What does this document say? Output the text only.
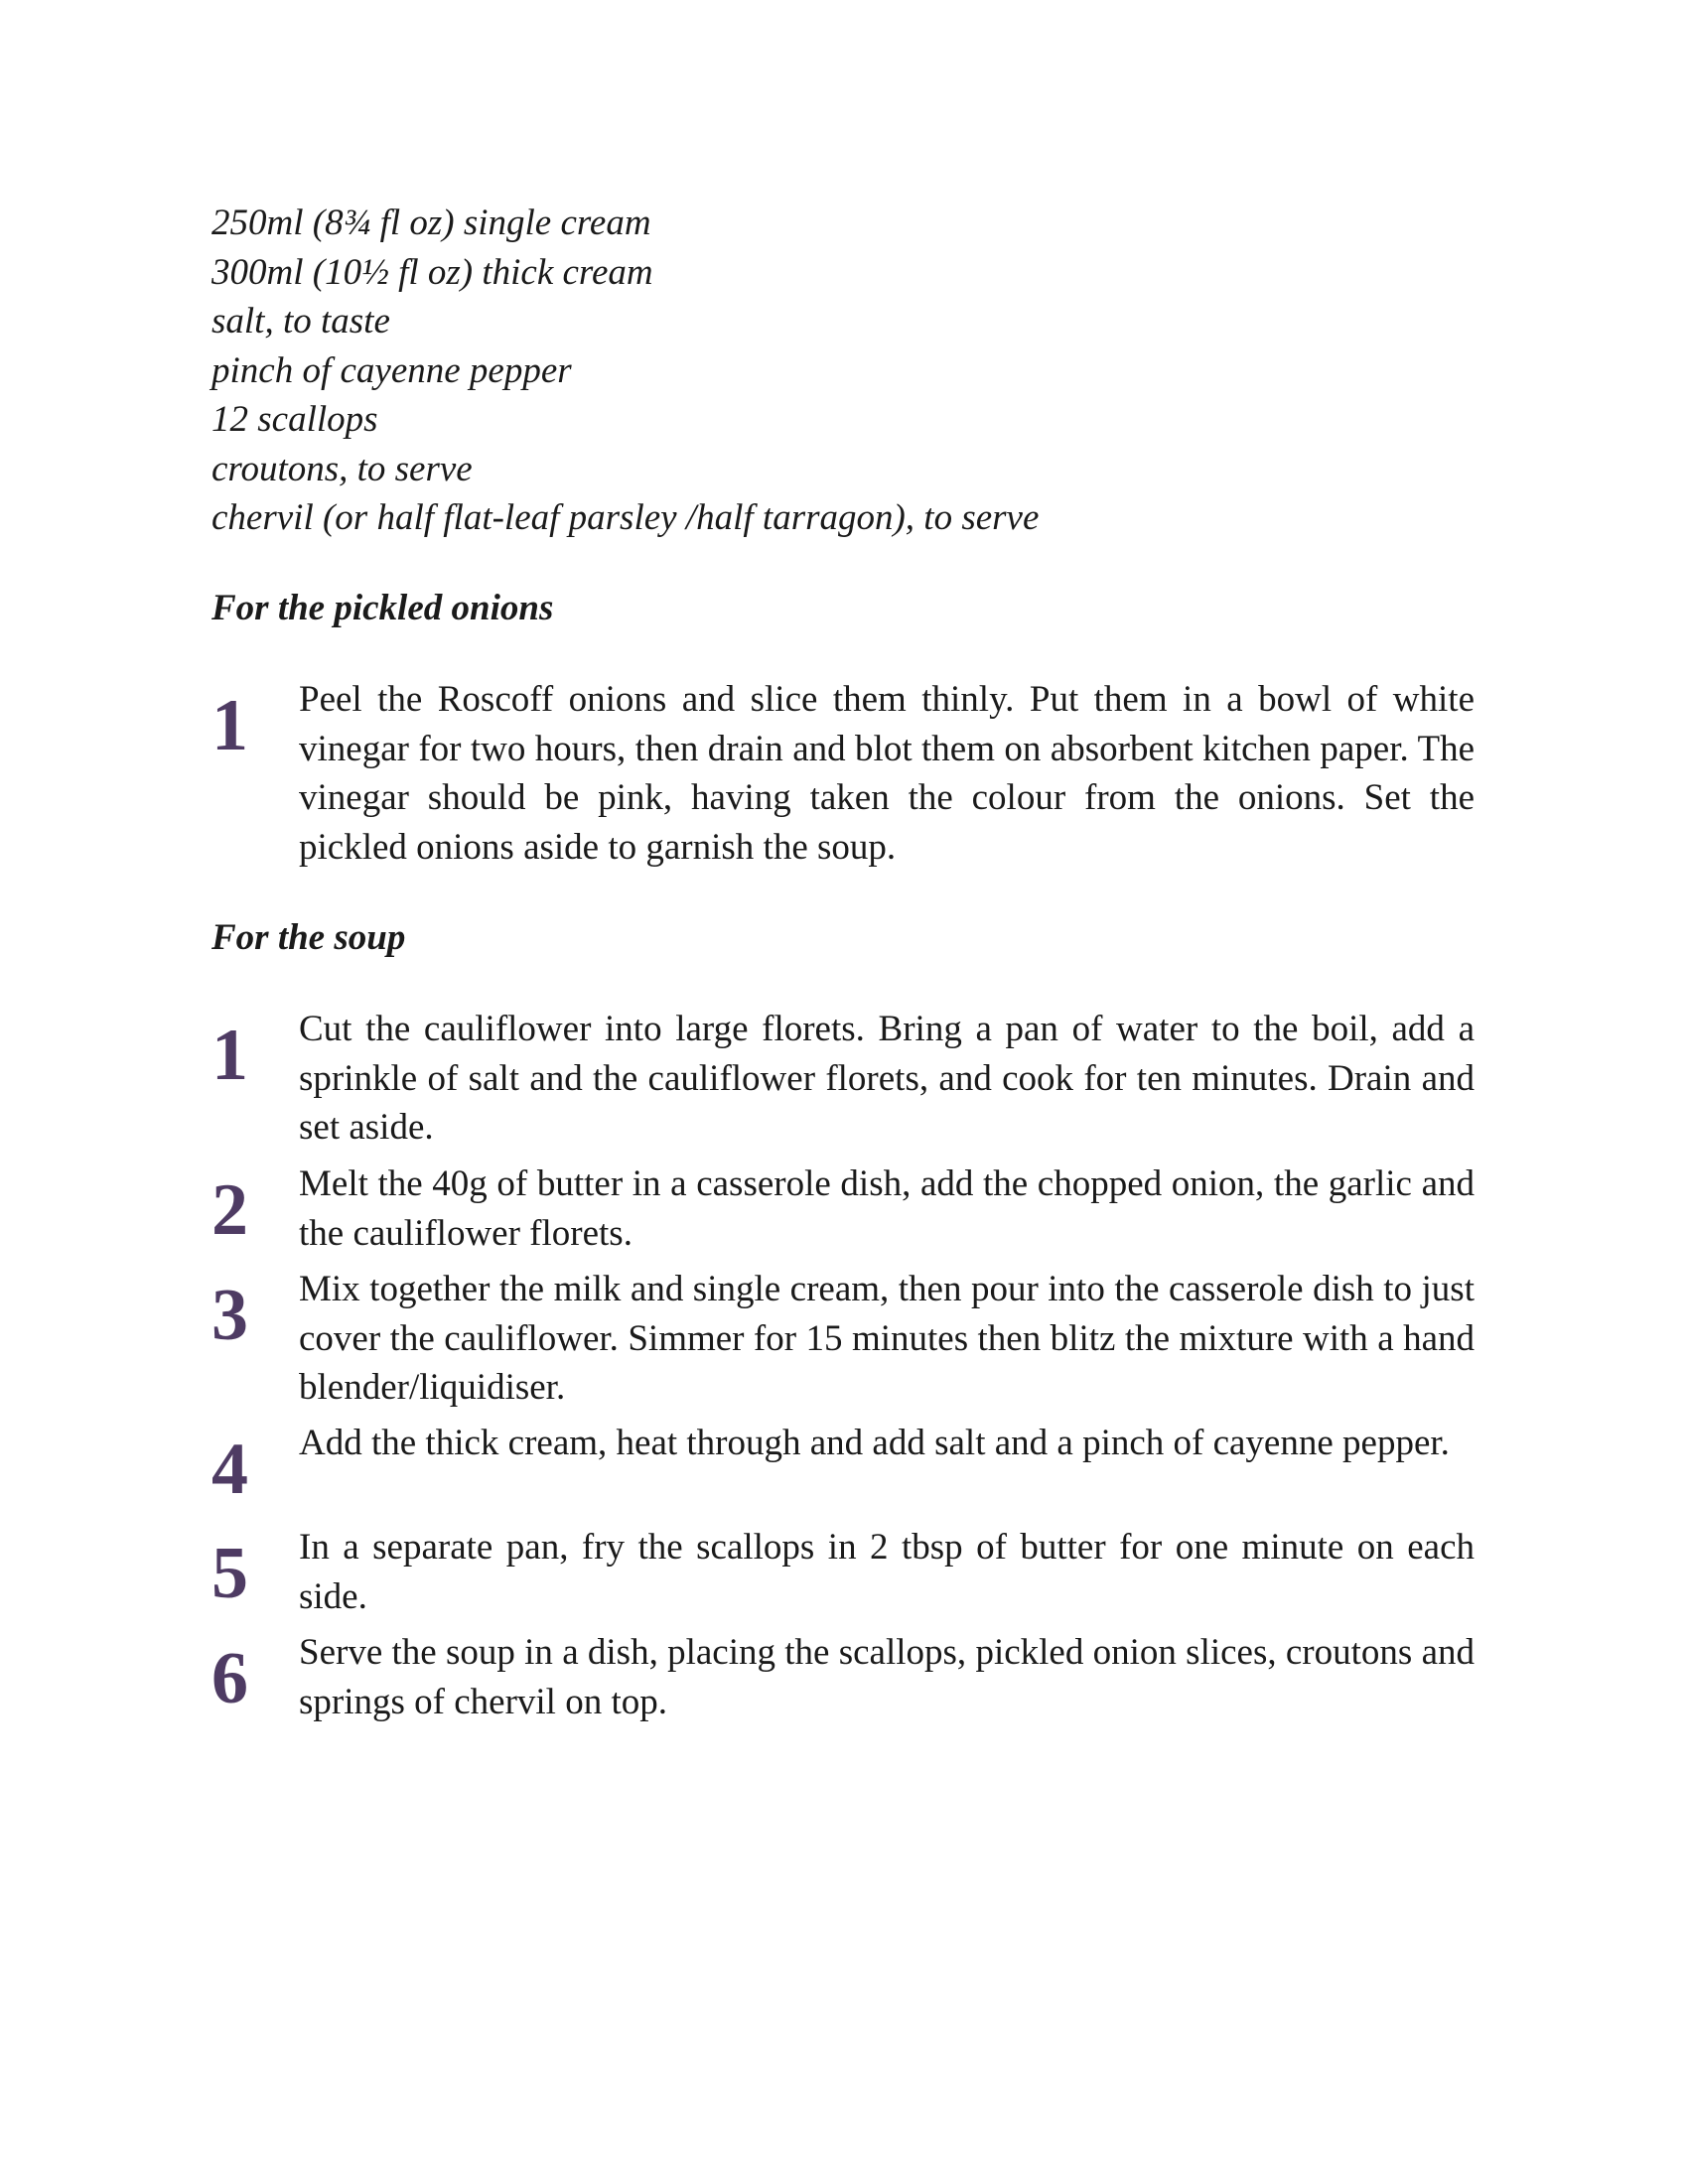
250ml (8¾ fl oz) single cream
300ml (10½ fl oz) thick cream
salt, to taste
pinch of cayenne pepper
12 scallops
croutons, to serve
chervil (or half flat-leaf parsley /half tarragon), to serve
For the pickled onions
1	Peel the Roscoff onions and slice them thinly. Put them in a bowl of white vinegar for two hours, then drain and blot them on absorbent kitchen paper. The vinegar should be pink, having taken the colour from the onions. Set the pickled onions aside to garnish the soup.
For the soup
1	Cut the cauliflower into large florets. Bring a pan of water to the boil, add a sprinkle of salt and the cauliflower florets, and cook for ten minutes. Drain and set aside.
2	Melt the 40g of butter in a casserole dish, add the chopped onion, the garlic and the cauliflower florets.
3	Mix together the milk and single cream, then pour into the casserole dish to just cover the cauliflower. Simmer for 15 minutes then blitz the mixture with a hand blender/liquidiser.
4	Add the thick cream, heat through and add salt and a pinch of cayenne pepper.
5	In a separate pan, fry the scallops in 2 tbsp of butter for one minute on each side.
6	Serve the soup in a dish, placing the scallops, pickled onion slices, croutons and springs of chervil on top.
